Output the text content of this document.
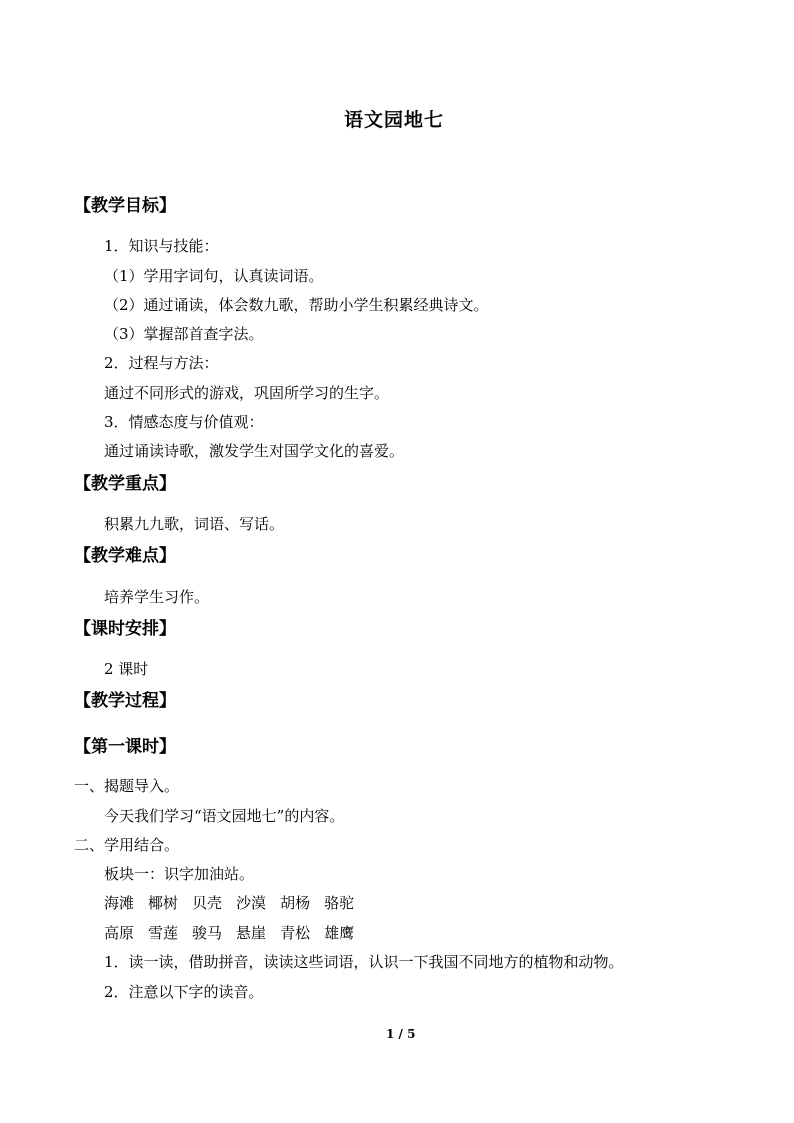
语文园地七
【教学目标】
1．知识与技能：
（1）学用字词句，认真读词语。
（2）通过诵读，体会数九歌，帮助小学生积累经典诗文。
（3）掌握部首查字法。
2．过程与方法：
通过不同形式的游戏，巩固所学习的生字。
3．情感态度与价值观：
通过诵读诗歌，激发学生对国学文化的喜爱。
【教学重点】
积累九九歌，词语、写话。
【教学难点】
培养学生习作。
【课时安排】
2 课时
【教学过程】
【第一课时】
一、揭题导入。
今天我们学习“语文园地七”的内容。
二、学用结合。
板块一：识字加油站。
海滩 椰树 贝壳 沙漠 胡杨 骆驼
高原 雪莲 骏马 悬崖 青松 雄鹰
1．读一读，借助拼音，读读这些词语，认识一下我国不同地方的植物和动物。
2．注意以下字的读音。
1 / 5
